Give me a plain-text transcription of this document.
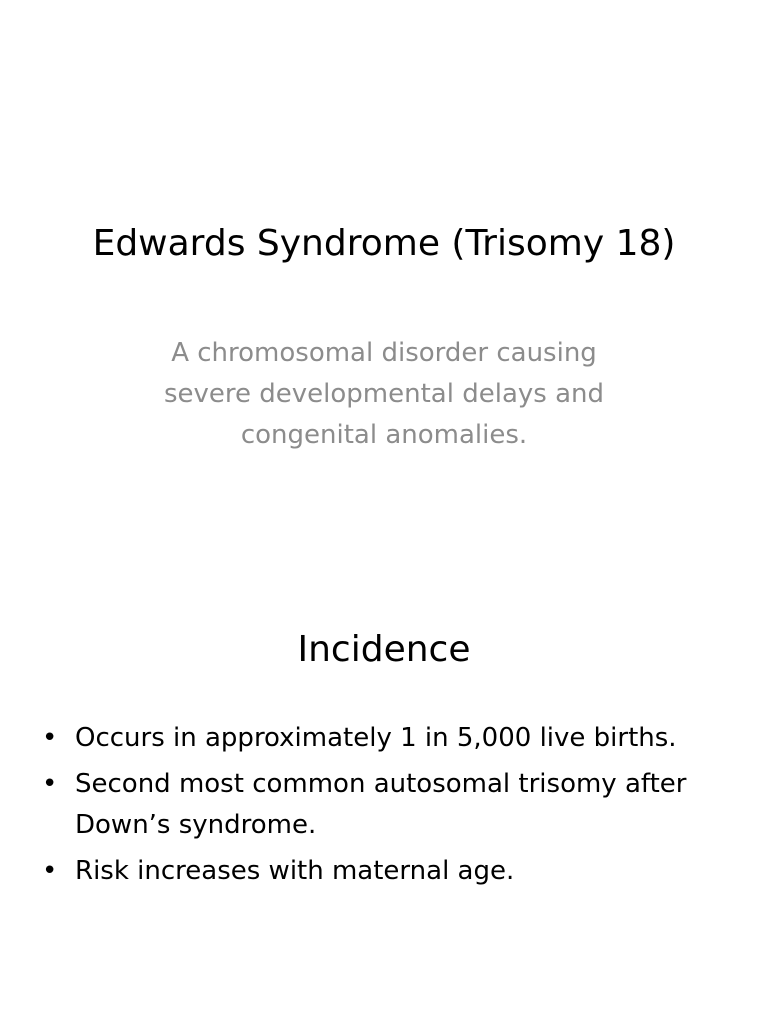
Edwards Syndrome (Trisomy 18)

A chromosomal disorder causing severe developmental delays and congenital anomalies.

Incidence
• Occurs in approximately 1 in 5,000 live births.
• Second most common autosomal trisomy after Down’s syndrome.
• Risk increases with maternal age.
